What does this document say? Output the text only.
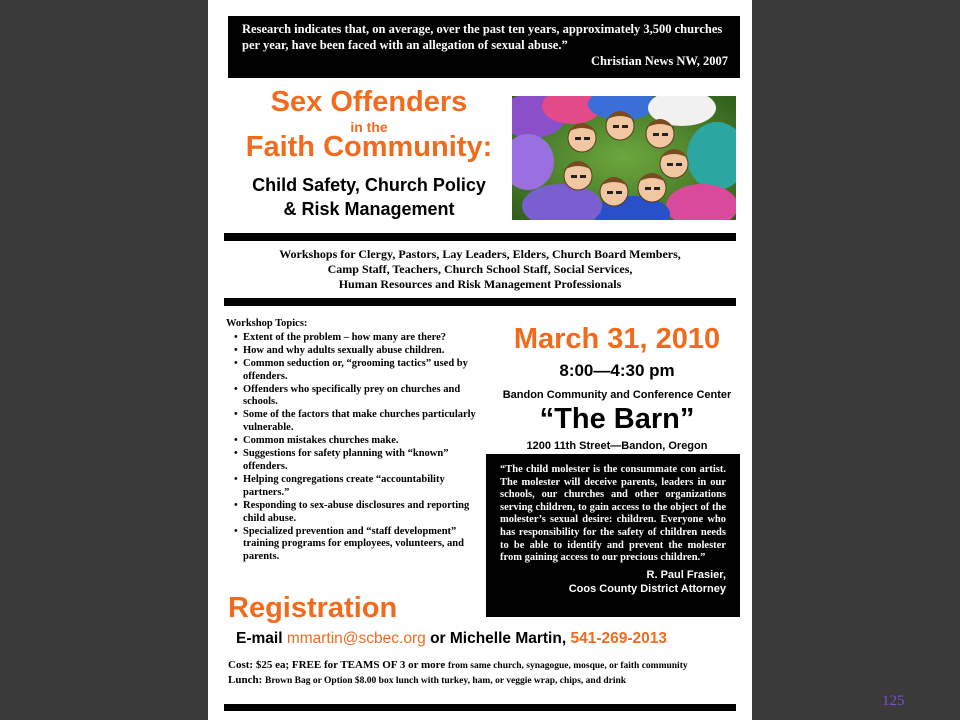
Research indicates that, on average, over the past ten years, approximately 3,500 churches per year, have been faced with an allegation of sexual abuse.”
Christian News NW, 2007
Sex Offenders
in the
Faith Community:
Child Safety, Church Policy
& Risk Management
Workshops for Clergy, Pastors, Lay Leaders, Elders, Church Board Members,
Camp Staff, Teachers, Church School Staff, Social Services,
Human Resources and Risk Management Professionals
Workshop Topics:
• Extent of the problem – how many are there?
• How and why adults sexually abuse children.
• Common seduction or, “grooming tactics” used by offenders.
• Offenders who specifically prey on churches and schools.
• Some of the factors that make churches particularly vulnerable.
• Common mistakes churches make.
• Suggestions for safety planning with “known” offenders.
• Helping congregations create “accountability partners.”
• Responding to sex-abuse disclosures and reporting child abuse.
• Specialized prevention and “staff development” training programs for employees, volunteers, and parents.
March 31, 2010
8:00—4:30 pm
Bandon Community and Conference Center
“The Barn”
1200 11th Street—Bandon, Oregon
“The child molester is the consummate con artist. The molester will deceive parents, leaders in our schools, our churches and other organizations serving children, to gain access to the object of the molester’s sexual desire: children. Everyone who has responsibility for the safety of children needs to be able to identify and prevent the molester from gaining access to our precious children.”
R. Paul Frasier,
Coos County District Attorney
Registration
E-mail mmartin@scbec.org or Michelle Martin, 541-269-2013
Cost: $25 ea; FREE for TEAMS OF 3 or more from same church, synagogue, mosque, or faith community
Lunch: Brown Bag or Option $8.00 box lunch with turkey, ham, or veggie wrap, chips, and drink
125
